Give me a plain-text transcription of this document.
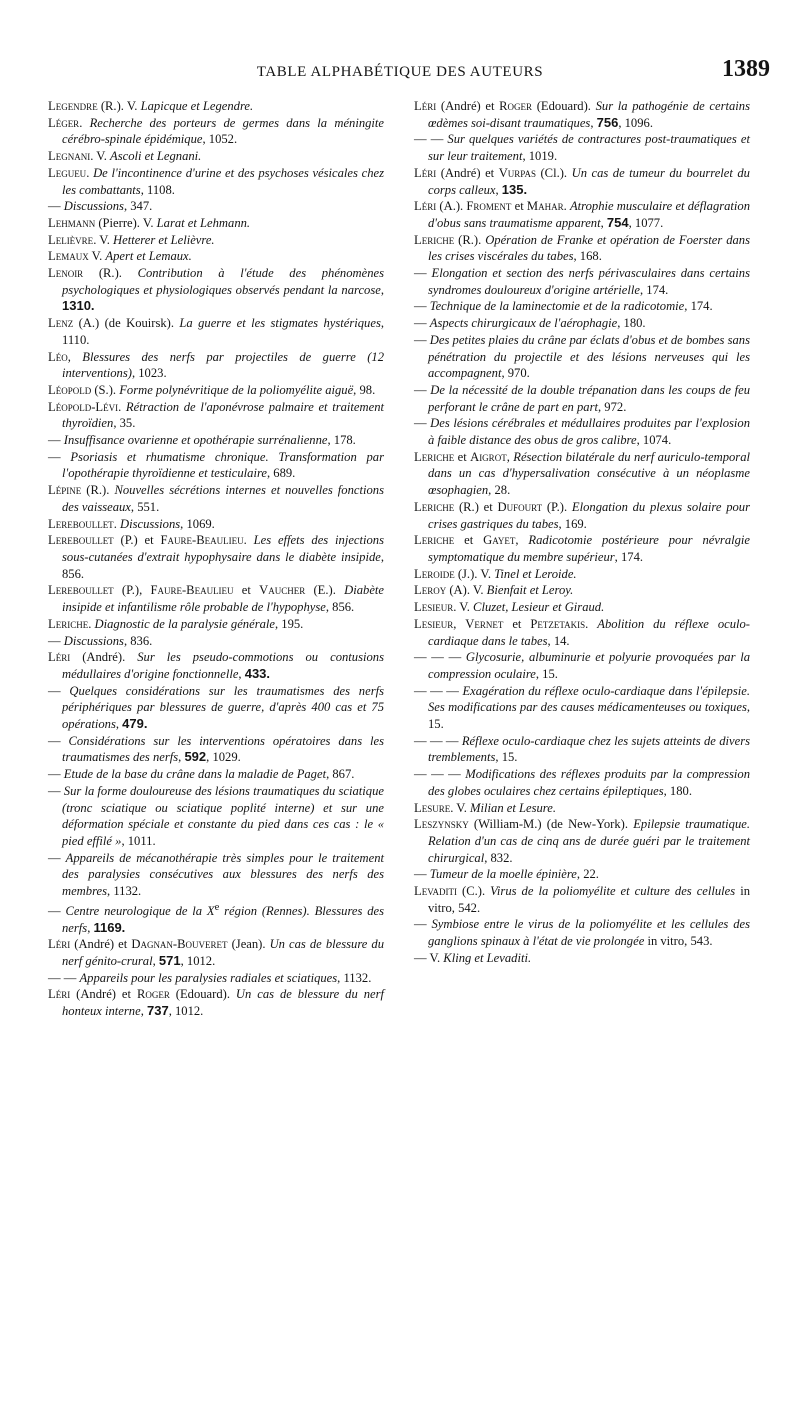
TABLE ALPHABÉTIQUE DES AUTEURS	1389

Legendre (R.). V. Lapicque et Legendre.

Léger. Recherche des porteurs de germes dans la méningite cérébro-spinale épidémique, 1052.

Legnani. V. Ascoli et Legnani.

Legueu. De l'incontinence d'urine et des psychoses vésicales chez les combattants, 1108.

— Discussions, 347.

Lehmann (Pierre). V. Larat et Lehmann.

Lelièvre. V. Hetterer et Lelièvre.

Lemaux V. Apert et Lemaux.

Lenoir (R.). Contribution à l'étude des phénomènes psychologiques et physiologiques observés pendant la narcose, 1310.

Lenz (A.) (de Kouirsk). La guerre et les stigmates hystériques, 1110.

Léo, Blessures des nerfs par projectiles de guerre (12 interventions), 1023.

Léopold (S.). Forme polynévritique de la poliomyélite aiguë, 98.

Léopold-Lévi. Rétraction de l'aponévrose palmaire et traitement thyroïdien, 35.

— Insuffisance ovarienne et opothérapie surrénalienne, 178.

— Psoriasis et rhumatisme chronique. Transformation par l'opothérapie thyroïdienne et testiculaire, 689.

Lépine (R.). Nouvelles sécrétions internes et nouvelles fonctions des vaisseaux, 551.

Lereboullet. Discussions, 1069.

Lereboullet (P.) et Faure-Beaulieu. Les effets des injections sous-cutanées d'extrait hypophysaire dans le diabète insipide, 856.

Lereboullet (P.), Faure-Beaulieu et Vaucher (E.). Diabète insipide et infantilisme rôle probable de l'hypophyse, 856.

Leriche. Diagnostic de la paralysie générale, 195.

— Discussions, 836.

Léri (André). Sur les pseudo-commotions ou contusions médullaires d'origine fonctionnelle, 433.

— Quelques considérations sur les traumatismes des nerfs périphériques par blessures de guerre, d'après 400 cas et 75 opérations, 479.

— Considérations sur les interventions opératoires dans les traumatismes des nerfs, 592, 1029.

— Etude de la base du crâne dans la maladie de Paget, 867.

— Sur la forme douloureuse des lésions traumatiques du sciatique (tronc sciatique ou sciatique poplité interne) et sur une déformation spéciale et constante du pied dans ces cas : le « pied effilé », 1011.

— Appareils de mécanothérapie très simples pour le traitement des paralysies consécutives aux blessures des nerfs des membres, 1132.

— Centre neurologique de la Xe région (Rennes). Blessures des nerfs, 1169.

Léri (André) et Dagnan-Bouveret (Jean). Un cas de blessure du nerf génito-crural, 571, 1012.

— — Appareils pour les paralysies radiales et sciatiques, 1132.

Léri (André) et Roger (Edouard). Un cas de blessure du nerf honteux interne, 737, 1012.

Léri (André) et Roger (Edouard). Sur la pathogénie de certains œdèmes soi-disant traumatiques, 756, 1096.

— — Sur quelques variétés de contractures post-traumatiques et sur leur traitement, 1019.

Léri (André) et Vurpas (Cl.). Un cas de tumeur du bourrelet du corps calleux, 135.

Léri (A.). Froment et Mahar. Atrophie musculaire et déflagration d'obus sans traumatisme apparent, 754, 1077.

Leriche (R.). Opération de Franke et opération de Foerster dans les crises viscérales du tabes, 168.

— Elongation et section des nerfs périvasculaires dans certains syndromes douloureux d'origine artérielle, 174.

— Technique de la laminectomie et de la radicotomie, 174.

— Aspects chirurgicaux de l'aérophagie, 180.

— Des petites plaies du crâne par éclats d'obus et de bombes sans pénétration du projectile et des lésions nerveuses qui les accompagnent, 970.

— De la nécessité de la double trépanation dans les coups de feu perforant le crâne de part en part, 972.

— Des lésions cérébrales et médullaires produites par l'explosion à faible distance des obus de gros calibre, 1074.

Leriche et Aigrot, Résection bilatérale du nerf auriculo-temporal dans un cas d'hypersalivation consécutive à un néoplasme œsophagien, 28.

Leriche (R.) et Dufourt (P.). Elongation du plexus solaire pour crises gastriques du tabes, 169.

Leriche et Gayet, Radicotomie postérieure pour névralgie symptomatique du membre supérieur, 174.

Leroide (J.). V. Tinel et Leroide.

Leroy (A). V. Bienfait et Leroy.

Lesieur. V. Cluzet, Lesieur et Giraud.

Lesieur, Vernet et Petzetakis. Abolition du réflexe oculo-cardiaque dans le tabes, 14.

— — — Glycosurie, albuminurie et polyurie provoquées par la compression oculaire, 15.

— — — Exagération du réflexe oculo-cardiaque dans l'épilepsie. Ses modifications par des causes médicamenteuses ou toxiques, 15.

— — — Réflexe oculo-cardiaque chez les sujets atteints de divers tremblements, 15.

— — — Modifications des réflexes produits par la compression des globes oculaires chez certains épileptiques, 180.

Lesure. V. Milian et Lesure.

Leszynsky (William-M.) (de New-York). Epilepsie traumatique. Relation d'un cas de cinq ans de durée guéri par le traitement chirurgical, 832.

— Tumeur de la moelle épinière, 22.

Levaditi (C.). Virus de la poliomyélite et culture des cellules in vitro, 542.

— Symbiose entre le virus de la poliomyélite et les cellules des ganglions spinaux à l'état de vie prolongée in vitro, 543.

— V. Kling et Levaditi.
